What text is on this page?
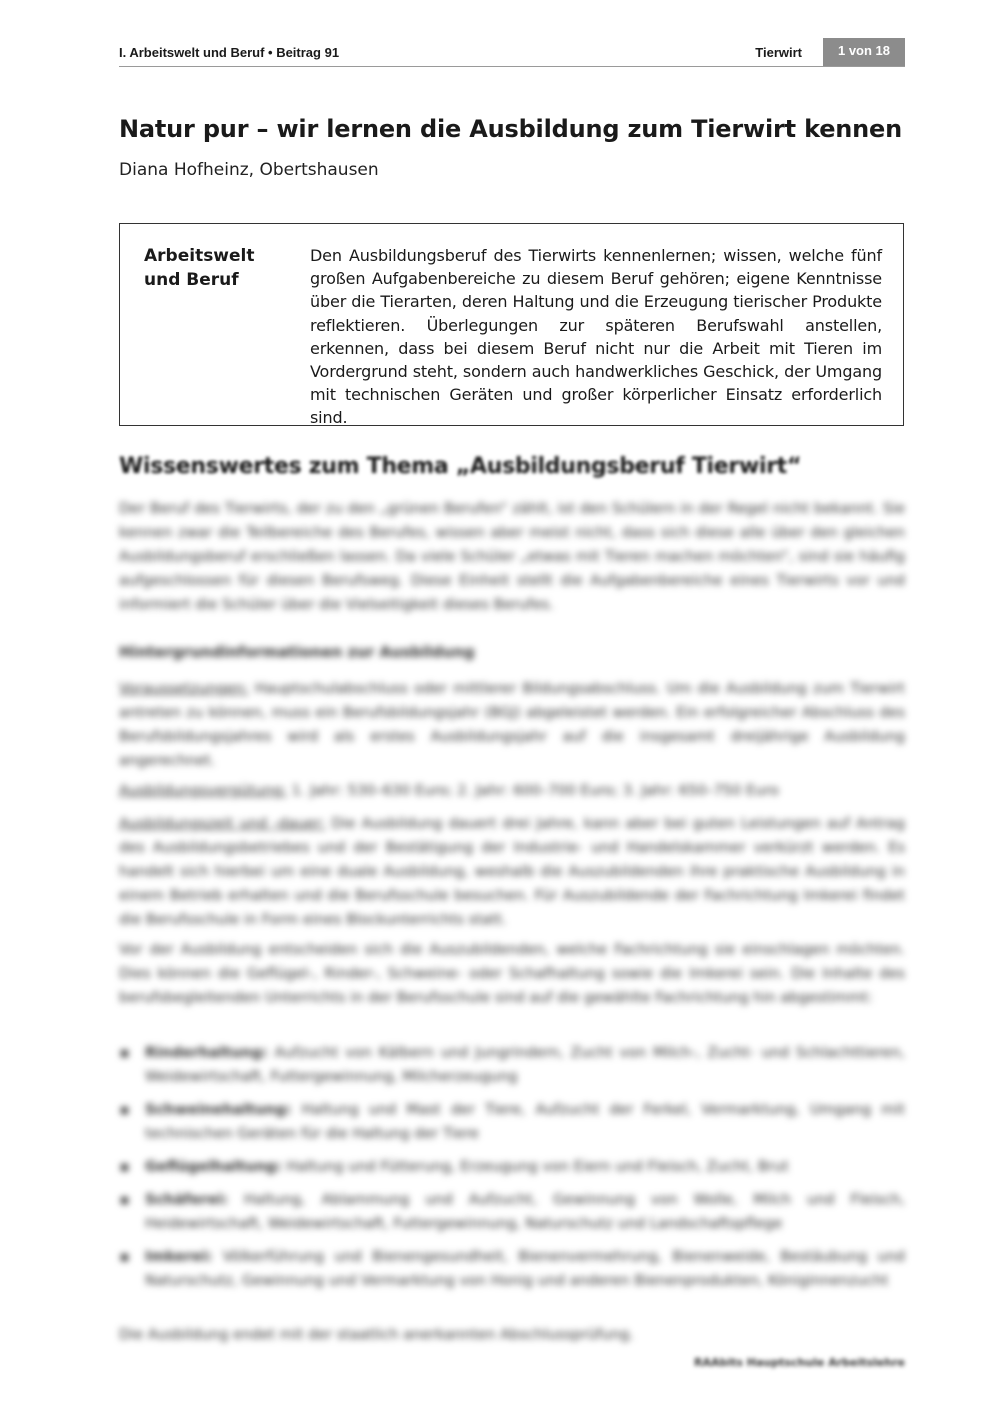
I. Arbeitswelt und Beruf • Beitrag 91	Tierwirt	1 von 18
Natur pur – wir lernen die Ausbildung zum Tierwirt kennen

Diana Hofheinz, Obertshausen

Arbeitswelt und Beruf
Den Ausbildungsberuf des Tierwirts kennenlernen; wissen, welche fünf großen Aufgabenbereiche zu diesem Beruf gehören; eigene Kenntnisse über die Tierarten, deren Haltung und die Erzeugung tierischer Produkte reflektieren. Überlegungen zur späteren Berufswahl anstellen, erkennen, dass bei diesem Beruf nicht nur die Arbeit mit Tieren im Vordergrund steht, sondern auch handwerkliches Geschick, der Umgang mit technischen Geräten und großer körperlicher Einsatz erforderlich sind.
Wissenswertes zum Thema „Ausbildungsberuf Tierwirt“

Der Beruf des Tierwirts, der zu den „grünen Berufen“ zählt, ist den Schülern in der Regel nicht bekannt. Sie kennen zwar die Teilbereiche des Berufes, wissen aber meist nicht, dass sich diese alle über den gleichen Ausbildungsberuf erschließen lassen. Da viele Schüler „etwas mit Tieren machen möchten“, sind sie häufig aufgeschlossen für diesen Berufsweg. Diese Einheit stellt die Aufgabenbereiche eines Tierwirts vor und informiert die Schüler über die Vielseitigkeit dieses Berufes.

Hintergrundinformationen zur Ausbildung

Voraussetzungen: Hauptschulabschluss oder mittlerer Bildungsabschluss. Um die Ausbildung zum Tierwirt antreten zu können, muss ein Berufsbildungsjahr (BGJ) abgeleistet werden. Ein erfolgreicher Abschluss des Berufsbildungsjahres wird als erstes Ausbildungsjahr auf die insgesamt dreijährige Ausbildung angerechnet.

Ausbildungsvergütung: 1. Jahr: 530–630 Euro; 2. Jahr: 600–700 Euro; 3. Jahr: 650–750 Euro

Ausbildungszeit und -dauer: Die Ausbildung dauert drei Jahre, kann aber bei guten Leistungen auf Antrag des Ausbildungsbetriebes und der Bestätigung der Industrie- und Handelskammer verkürzt werden. Es handelt sich hierbei um eine duale Ausbildung, weshalb die Auszubildenden ihre praktische Ausbildung in einem Betrieb erhalten und die Berufsschule besuchen. Für Auszubildende der Fachrichtung Imkerei findet die Berufsschule in Form eines Blockunterrichts statt.

Vor der Ausbildung entscheiden sich die Auszubildenden, welche Fachrichtung sie einschlagen möchten. Dies können die Geflügel-, Rinder-, Schweine- oder Schafhaltung sowie die Imkerei sein. Die Inhalte des berufsbegleitenden Unterrichts in der Berufsschule sind auf die gewählte Fachrichtung hin abgestimmt:

Rinderhaltung: Aufzucht von Kälbern und Jungrindern, Zucht von Milch-, Zucht- und Schlachttieren, Weidewirtschaft, Futtergewinnung, Milcherzeugung
Schweinehaltung: Haltung und Mast der Tiere, Aufzucht der Ferkel, Vermarktung, Umgang mit technischen Geräten für die Haltung der Tiere
Geflügelhaltung: Haltung und Fütterung, Erzeugung von Eiern und Fleisch, Zucht, Brut
Schäferei: Haltung, Ablammung und Aufzucht, Gewinnung von Wolle, Milch und Fleisch, Heidewirtschaft, Weidewirtschaft, Futtergewinnung, Naturschutz und Landschaftspflege
Imkerei: Völkerführung und Bienengesundheit, Bienenvermehrung, Bienenweide, Bestäubung und Naturschutz, Gewinnung und Vermarktung von Honig und anderen Bienenprodukten, Königinnenzucht

Die Ausbildung endet mit der staatlich anerkannten Abschlussprüfung.

RAAbits Hauptschule Arbeitslehre
